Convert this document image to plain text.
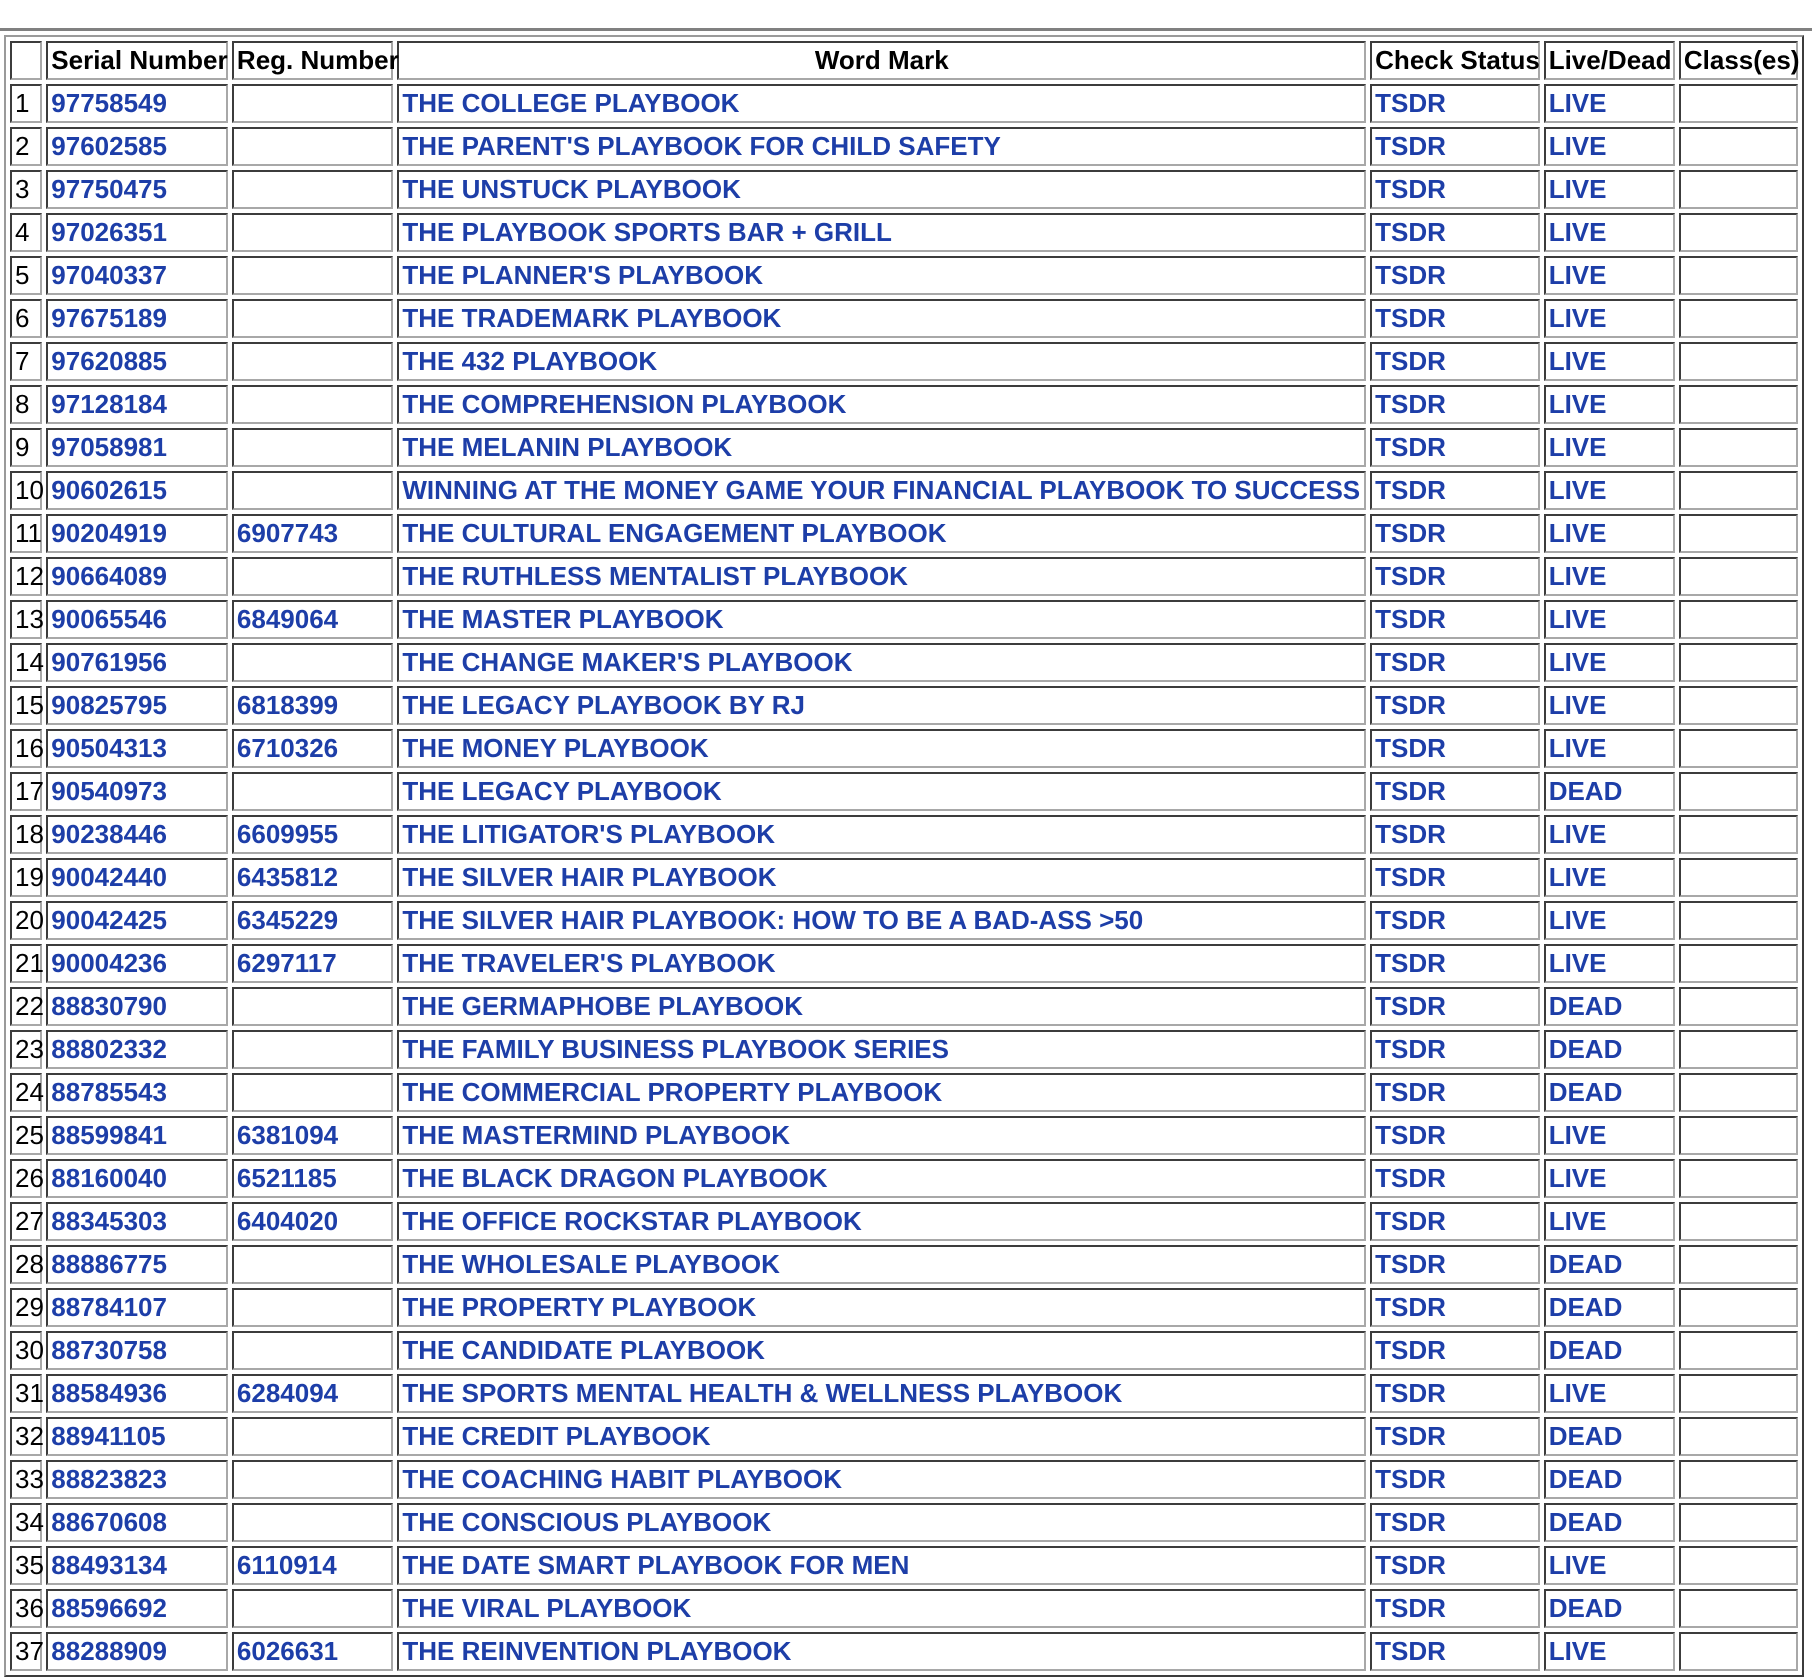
	Serial Number	Reg. Number	Word Mark	Check Status	Live/Dead	Class(es)
1	97758549		THE COLLEGE PLAYBOOK	TSDR	LIVE	
2	97602585		THE PARENT'S PLAYBOOK FOR CHILD SAFETY	TSDR	LIVE	
3	97750475		THE UNSTUCK PLAYBOOK	TSDR	LIVE	
4	97026351		THE PLAYBOOK SPORTS BAR + GRILL	TSDR	LIVE	
5	97040337		THE PLANNER'S PLAYBOOK	TSDR	LIVE	
6	97675189		THE TRADEMARK PLAYBOOK	TSDR	LIVE	
7	97620885		THE 432 PLAYBOOK	TSDR	LIVE	
8	97128184		THE COMPREHENSION PLAYBOOK	TSDR	LIVE	
9	97058981		THE MELANIN PLAYBOOK	TSDR	LIVE	
10	90602615		WINNING AT THE MONEY GAME YOUR FINANCIAL PLAYBOOK TO SUCCESS	TSDR	LIVE	
11	90204919	6907743	THE CULTURAL ENGAGEMENT PLAYBOOK	TSDR	LIVE	
12	90664089		THE RUTHLESS MENTALIST PLAYBOOK	TSDR	LIVE	
13	90065546	6849064	THE MASTER PLAYBOOK	TSDR	LIVE	
14	90761956		THE CHANGE MAKER'S PLAYBOOK	TSDR	LIVE	
15	90825795	6818399	THE LEGACY PLAYBOOK BY RJ	TSDR	LIVE	
16	90504313	6710326	THE MONEY PLAYBOOK	TSDR	LIVE	
17	90540973		THE LEGACY PLAYBOOK	TSDR	DEAD	
18	90238446	6609955	THE LITIGATOR'S PLAYBOOK	TSDR	LIVE	
19	90042440	6435812	THE SILVER HAIR PLAYBOOK	TSDR	LIVE	
20	90042425	6345229	THE SILVER HAIR PLAYBOOK: HOW TO BE A BAD-ASS >50	TSDR	LIVE	
21	90004236	6297117	THE TRAVELER'S PLAYBOOK	TSDR	LIVE	
22	88830790		THE GERMAPHOBE PLAYBOOK	TSDR	DEAD	
23	88802332		THE FAMILY BUSINESS PLAYBOOK SERIES	TSDR	DEAD	
24	88785543		THE COMMERCIAL PROPERTY PLAYBOOK	TSDR	DEAD	
25	88599841	6381094	THE MASTERMIND PLAYBOOK	TSDR	LIVE	
26	88160040	6521185	THE BLACK DRAGON PLAYBOOK	TSDR	LIVE	
27	88345303	6404020	THE OFFICE ROCKSTAR PLAYBOOK	TSDR	LIVE	
28	88886775		THE WHOLESALE PLAYBOOK	TSDR	DEAD	
29	88784107		THE PROPERTY PLAYBOOK	TSDR	DEAD	
30	88730758		THE CANDIDATE PLAYBOOK	TSDR	DEAD	
31	88584936	6284094	THE SPORTS MENTAL HEALTH & WELLNESS PLAYBOOK	TSDR	LIVE	
32	88941105		THE CREDIT PLAYBOOK	TSDR	DEAD	
33	88823823		THE COACHING HABIT PLAYBOOK	TSDR	DEAD	
34	88670608		THE CONSCIOUS PLAYBOOK	TSDR	DEAD	
35	88493134	6110914	THE DATE SMART PLAYBOOK FOR MEN	TSDR	LIVE	
36	88596692		THE VIRAL PLAYBOOK	TSDR	DEAD	
37	88288909	6026631	THE REINVENTION PLAYBOOK	TSDR	LIVE	
